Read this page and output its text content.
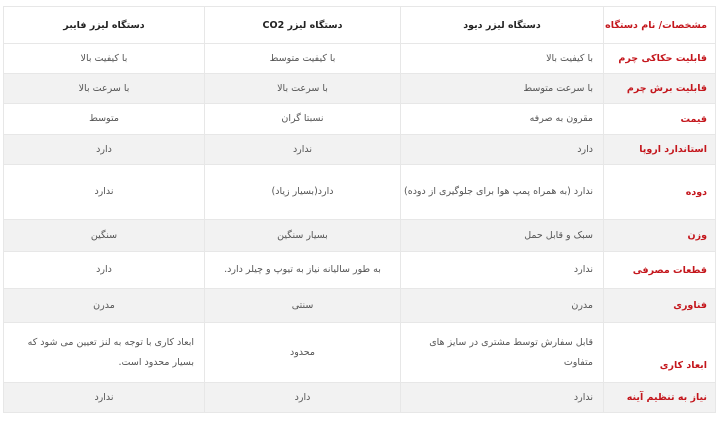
مشخصات/ نام دستگاه	دستگاه لیزر دیود	دستگاه لیزر CO2	دستگاه لیزر فایبر
قابلیت حکاکی چرم	با کیفیت بالا	با کیفیت متوسط	با کیفیت بالا
قابلیت برش چرم	با سرعت متوسط	با سرعت بالا	با سرعت بالا
قیمت	مقرون به صرفه	نسبتا گران	متوسط
استاندارد اروپا	دارد	ندارد	دارد
دوده	ندارد (به همراه پمپ هوا برای جلوگیری از دوده)	دارد(بسیار زیاد)	ندارد
وزن	سبک و قابل حمل	بسیار سنگین	سنگین
قطعات مصرفی	ندارد	به طور سالیانه نیاز به تیوپ و چیلر دارد.	دارد
فناوری	مدرن	سنتی	مدرن

ابعاد کاری	قابل سفارش توسط مشتری در سایز های متفاوت	محدود	ابعاد کاری با توجه به لنز تعیین می شود که بسیار محدود است.
نیاز به تنظیم آینه	ندارد	دارد	ندارد
